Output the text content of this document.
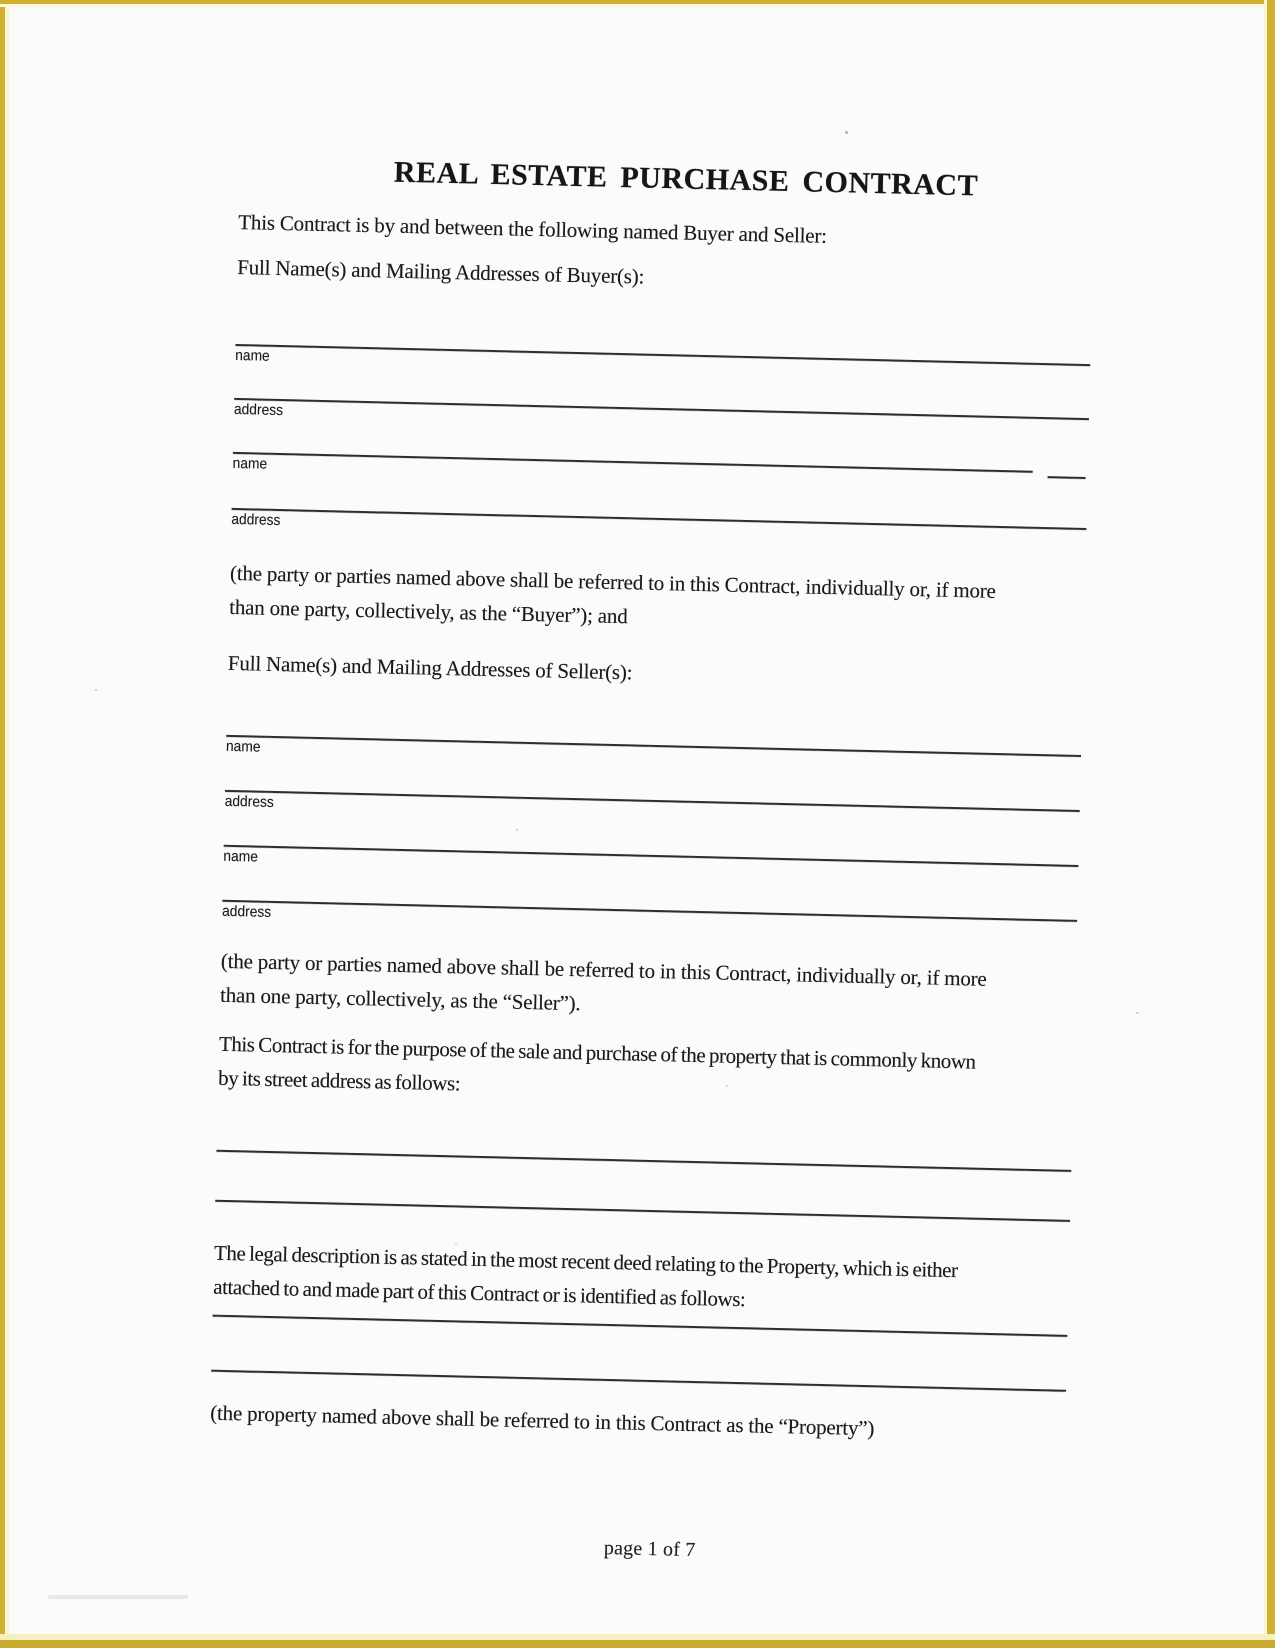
REAL ESTATE PURCHASE CONTRACT

This Contract is by and between the following named Buyer and Seller:

Full Name(s) and Mailing Addresses of Buyer(s):

name
address
name
address

(the party or parties named above shall be referred to in this Contract, individually or, if more
than one party, collectively, as the “Buyer”); and

Full Name(s) and Mailing Addresses of Seller(s):

name
address
name
address

(the party or parties named above shall be referred to in this Contract, individually or, if more
than one party, collectively, as the “Seller”).

This Contract is for the purpose of the sale and purchase of the property that is commonly known
by its street address as follows:

The legal description is as stated in the most recent deed relating to the Property, which is either
attached to and made part of this Contract or is identified as follows:

(the property named above shall be referred to in this Contract as the “Property”)

page 1 of 7
